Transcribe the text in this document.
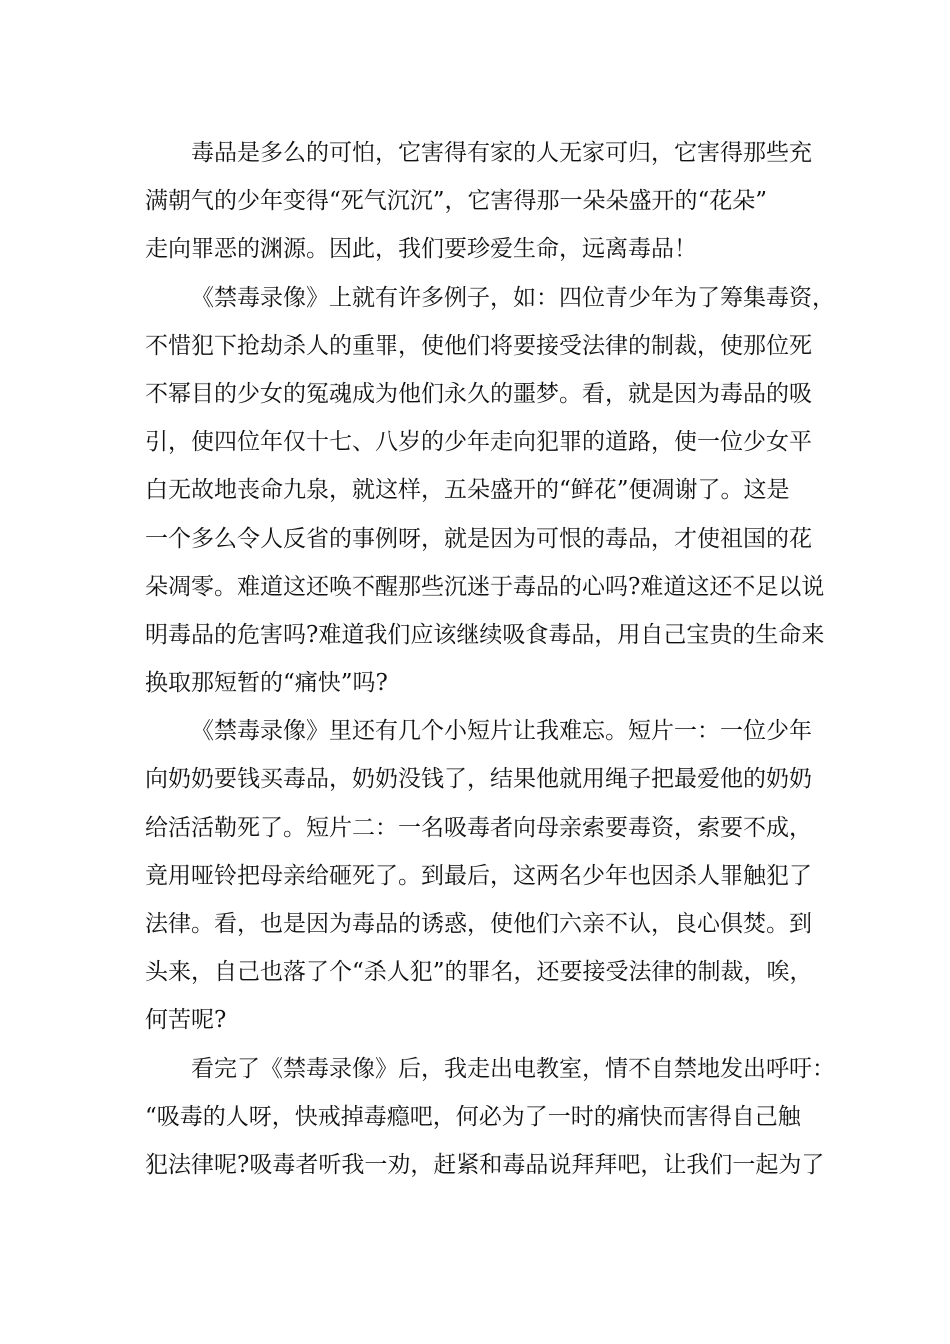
毒品是多么的可怕，它害得有家的人无家可归，它害得那些充
满朝气的少年变得“死气沉沉”，它害得那一朵朵盛开的“花朵”
走向罪恶的渊源。因此，我们要珍爱生命，远离毒品！
《禁毒录像》上就有许多例子，如：四位青少年为了筹集毒资，
不惜犯下抢劫杀人的重罪，使他们将要接受法律的制裁，使那位死
不幂目的少女的冤魂成为他们永久的噩梦。看，就是因为毒品的吸
引，使四位年仅十七、八岁的少年走向犯罪的道路，使一位少女平
白无故地丧命九泉，就这样，五朵盛开的“鲜花”便凋谢了。这是
一个多么令人反省的事例呀，就是因为可恨的毒品，才使祖国的花
朵凋零。难道这还唤不醒那些沉迷于毒品的心吗?难道这还不足以说
明毒品的危害吗?难道我们应该继续吸食毒品，用自己宝贵的生命来
换取那短暂的“痛快”吗?
《禁毒录像》里还有几个小短片让我难忘。短片一：一位少年
向奶奶要钱买毒品，奶奶没钱了，结果他就用绳子把最爱他的奶奶
给活活勒死了。短片二：一名吸毒者向母亲索要毒资，索要不成，
竟用哑铃把母亲给砸死了。到最后，这两名少年也因杀人罪触犯了
法律。看，也是因为毒品的诱惑，使他们六亲不认，良心俱焚。到
头来，自己也落了个“杀人犯”的罪名，还要接受法律的制裁，唉，
何苦呢?
看完了《禁毒录像》后，我走出电教室，情不自禁地发出呼吁：
“吸毒的人呀，快戒掉毒瘾吧，何必为了一时的痛快而害得自己触
犯法律呢?吸毒者听我一劝，赶紧和毒品说拜拜吧，让我们一起为了
